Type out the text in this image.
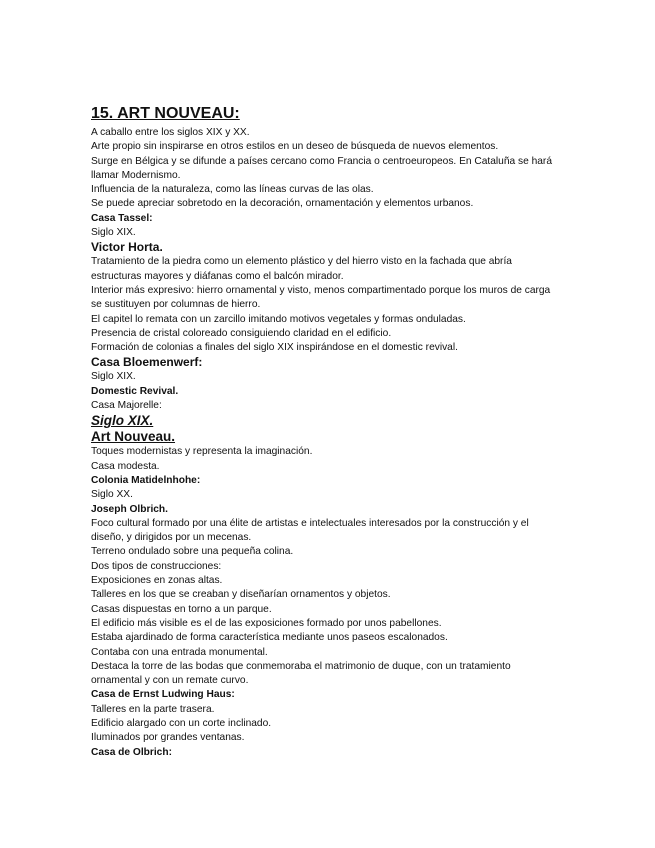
15. ART NOUVEAU:

A caballo entre los siglos XIX y XX.

Arte propio sin inspirarse en otros estilos en un deseo de búsqueda de nuevos elementos.

Surge en Bélgica y se difunde a países cercano como Francia o centroeuropeos. En Cataluña se hará llamar Modernismo.

Influencia de la naturaleza, como las líneas curvas de las olas.

Se puede apreciar sobretodo en la decoración, ornamentación y elementos urbanos.

Casa Tassel:

Siglo XIX.

Victor Horta.

Tratamiento de la piedra como un elemento plástico y del hierro visto en la fachada que abría estructuras mayores y diáfanas como el balcón mirador.

Interior más expresivo: hierro ornamental y visto, menos compartimentado porque los muros de carga se sustituyen por columnas de hierro.

El capitel lo remata con un zarcillo imitando motivos vegetales y formas onduladas.

Presencia de cristal coloreado consiguiendo claridad en el edificio.

Formación de colonias a finales del siglo XIX inspirándose en el domestic revival.

Casa Bloemenwerf:

Siglo XIX.

Domestic Revival.

Casa Majorelle:

Siglo XIX.

Art Nouveau.

Toques modernistas y representa la imaginación.

Casa modesta.

Colonia Matidelnhohe:

Siglo XX.

Joseph Olbrich.

Foco cultural formado por una élite de artistas e intelectuales interesados por la construcción y el diseño, y dirigidos por un mecenas.

Terreno ondulado sobre una pequeña colina.

Dos tipos de construcciones:

Exposiciones en zonas altas.

Talleres en los que se creaban y diseñarían ornamentos y objetos.

Casas dispuestas en torno a un parque.

El edificio más visible es el de las exposiciones formado por unos pabellones.

Estaba ajardinado de forma característica mediante unos paseos escalonados.

Contaba con una entrada monumental.

Destaca la torre de las bodas que conmemoraba el matrimonio de duque, con un tratamiento ornamental y con un remate curvo.

Casa de Ernst Ludwing Haus:

Talleres en la parte trasera.

Edificio alargado con un corte inclinado.

Iluminados por grandes ventanas.

Casa de Olbrich:
